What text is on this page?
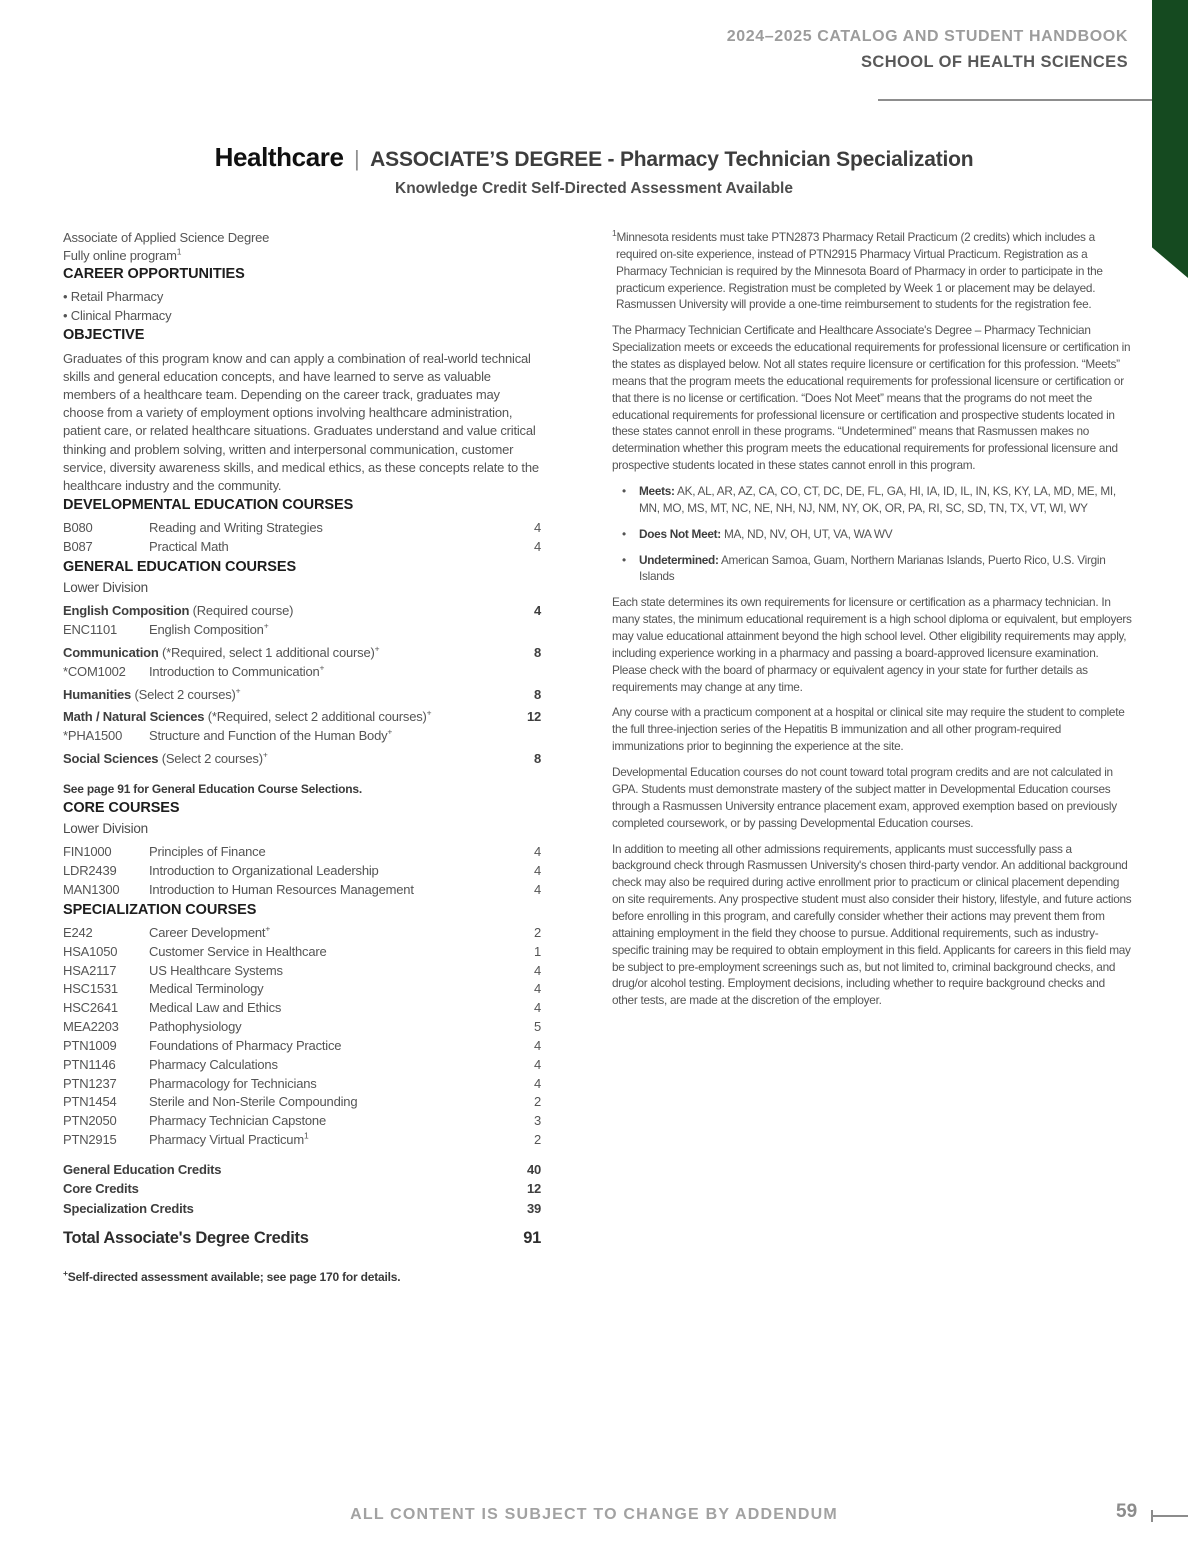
2024–2025 CATALOG AND STUDENT HANDBOOK
SCHOOL OF HEALTH SCIENCES
Healthcare | ASSOCIATE’S DEGREE - Pharmacy Technician Specialization
Knowledge Credit Self-Directed Assessment Available
Associate of Applied Science Degree
Fully online program$^1$
CAREER OPPORTUNITIES
• Retail Pharmacy
• Clinical Pharmacy
OBJECTIVE

Graduates of this program know and can apply a combination of real-world technical skills and general education concepts, and have learned to serve as valuable members of a healthcare team. Depending on the career track, graduates may choose from a variety of employment options involving healthcare administration, patient care, or related healthcare situations. Graduates understand and value critical thinking and problem solving, written and interpersonal communication, customer service, diversity awareness skills, and medical ethics, as these concepts relate to the healthcare industry and the community.

DEVELOPMENTAL EDUCATION COURSES
B080	Reading and Writing Strategies	4
B087	Practical Math	4
GENERAL EDUCATION COURSES
Lower Division
English Composition (Required course)	4
ENC1101	English Composition+
Communication (*Required, select 1 additional course)+	8
*COM1002	Introduction to Communication+
Humanities (Select 2 courses)+	8
Math / Natural Sciences (*Required, select 2 additional courses)+	12
*PHA1500	Structure and Function of the Human Body+
Social Sciences (Select 2 courses)+	8
See page 91 for General Education Course Selections.
CORE COURSES
Lower Division
FIN1000	Principles of Finance	4
LDR2439	Introduction to Organizational Leadership	4
MAN1300	Introduction to Human Resources Management	4
SPECIALIZATION COURSES
E242	Career Development+	2
HSA1050	Customer Service in Healthcare	1
HSA2117	US Healthcare Systems	4
HSC1531	Medical Terminology	4
HSC2641	Medical Law and Ethics	4
MEA2203	Pathophysiology	5
PTN1009	Foundations of Pharmacy Practice	4
PTN1146	Pharmacy Calculations	4
PTN1237	Pharmacology for Technicians	4
PTN1454	Sterile and Non-Sterile Compounding	2
PTN2050	Pharmacy Technician Capstone	3
PTN2915	Pharmacy Virtual Practicum$^1$	2
General Education Credits	40
Core Credits	12
Specialization Credits	39
Total Associate's Degree Credits	91
+Self-directed assessment available; see page 170 for details.
$^1$Minnesota residents must take PTN2873 Pharmacy Retail Practicum (2 credits) which includes a required on-site experience, instead of PTN2915 Pharmacy Virtual Practicum. Registration as a Pharmacy Technician is required by the Minnesota Board of Pharmacy in order to participate in the practicum experience. Registration must be completed by Week 1 or placement may be delayed. Rasmussen University will provide a one-time reimbursement to students for the registration fee.
The Pharmacy Technician Certificate and Healthcare Associate's Degree – Pharmacy Technician Specialization meets or exceeds the educational requirements for professional licensure or certification in the states as displayed below. Not all states require licensure or certification for this profession. “Meets” means that the program meets the educational requirements for professional licensure or certification or that there is no license or certification. “Does Not Meet” means that the programs do not meet the educational requirements for professional licensure or certification and prospective students located in these states cannot enroll in these programs. “Undetermined” means that Rasmussen makes no determination whether this program meets the educational requirements for professional licensure and prospective students located in these states cannot enroll in this program.
•	Meets: AK, AL, AR, AZ, CA, CO, CT, DC, DE, FL, GA, HI, IA, ID, IL, IN, KS, KY, LA, MD, ME, MI, MN, MO, MS, MT, NC, NE, NH, NJ, NM, NY, OK, OR, PA, RI, SC, SD, TN, TX, VT, WI, WY
•	Does Not Meet: MA, ND, NV, OH, UT, VA, WA WV
•	Undetermined: American Samoa, Guam, Northern Marianas Islands, Puerto Rico, U.S. Virgin Islands
Each state determines its own requirements for licensure or certification as a pharmacy technician. In many states, the minimum educational requirement is a high school diploma or equivalent, but employers may value educational attainment beyond the high school level. Other eligibility requirements may apply, including experience working in a pharmacy and passing a board-approved licensure examination. Please check with the board of pharmacy or equivalent agency in your state for further details as requirements may change at any time.
Any course with a practicum component at a hospital or clinical site may require the student to complete the full three-injection series of the Hepatitis B immunization and all other program-required immunizations prior to beginning the experience at the site.
Developmental Education courses do not count toward total program credits and are not calculated in GPA. Students must demonstrate mastery of the subject matter in Developmental Education courses through a Rasmussen University entrance placement exam, approved exemption based on previously completed coursework, or by passing Developmental Education courses.
In addition to meeting all other admissions requirements, applicants must successfully pass a background check through Rasmussen University's chosen third-party vendor. An additional background check may also be required during active enrollment prior to practicum or clinical placement depending on site requirements. Any prospective student must also consider their history, lifestyle, and future actions before enrolling in this program, and carefully consider whether their actions may prevent them from attaining employment in the field they choose to pursue. Additional requirements, such as industry-specific training may be required to obtain employment in this field. Applicants for careers in this field may be subject to pre-employment screenings such as, but not limited to, criminal background checks, and drug/or alcohol testing. Employment decisions, including whether to require background checks and other tests, are made at the discretion of the employer.
ALL CONTENT IS SUBJECT TO CHANGE BY ADDENDUM	59
